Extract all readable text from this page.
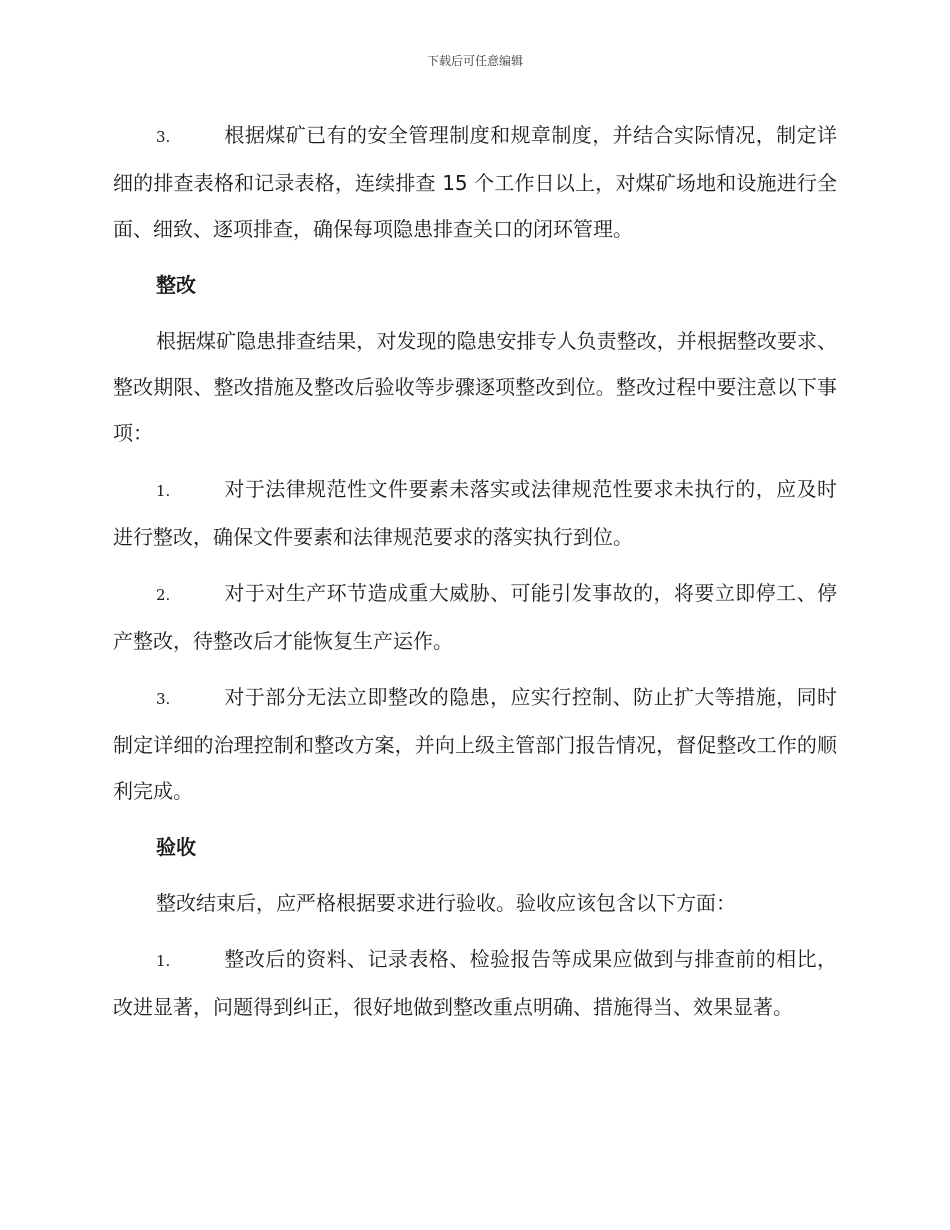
下载后可任意编辑

3.	根据煤矿已有的安全管理制度和规章制度，并结合实际情况，制定详细的排查表格和记录表格，连续排查 15 个工作日以上，对煤矿场地和设施进行全面、细致、逐项排查，确保每项隐患排查关口的闭环管理。

整改

根据煤矿隐患排查结果，对发现的隐患安排专人负责整改，并根据整改要求、整改期限、整改措施及整改后验收等步骤逐项整改到位。整改过程中要注意以下事项：

1.	对于法律规范性文件要素未落实或法律规范性要求未执行的，应及时进行整改，确保文件要素和法律规范要求的落实执行到位。

2.	对于对生产环节造成重大威胁、可能引发事故的，将要立即停工、停产整改，待整改后才能恢复生产运作。

3.	对于部分无法立即整改的隐患，应实行控制、防止扩大等措施，同时制定详细的治理控制和整改方案，并向上级主管部门报告情况，督促整改工作的顺利完成。

验收

整改结束后，应严格根据要求进行验收。验收应该包含以下方面：

1.	整改后的资料、记录表格、检验报告等成果应做到与排查前的相比，改进显著，问题得到纠正，很好地做到整改重点明确、措施得当、效果显著。
